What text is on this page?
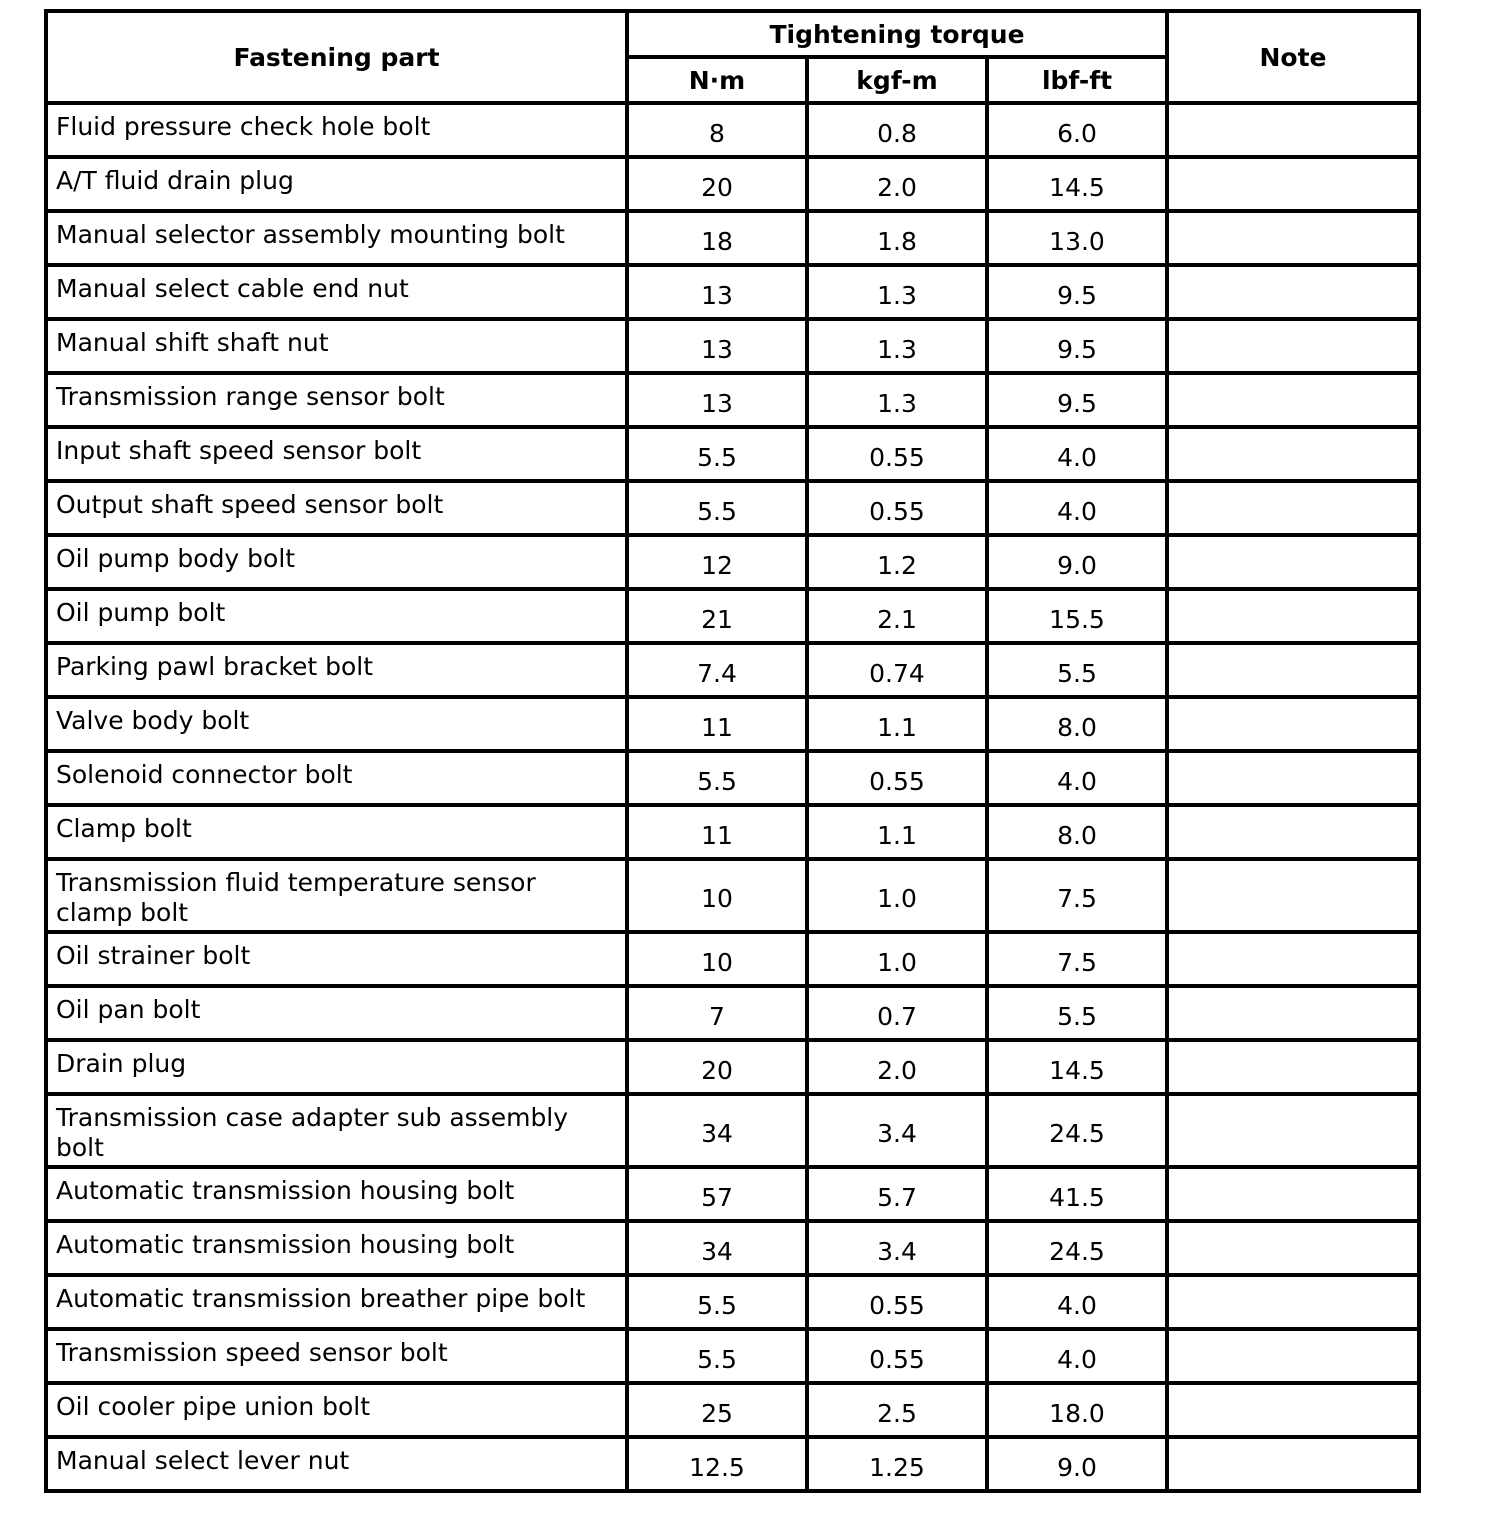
Fastening part	Tightening torque			Note
	N·m	kgf-m	lbf-ft	
Fluid pressure check hole bolt	8	0.8	6.0	
A/T fluid drain plug	20	2.0	14.5	
Manual selector assembly mounting bolt	18	1.8	13.0	
Manual select cable end nut	13	1.3	9.5	
Manual shift shaft nut	13	1.3	9.5	
Transmission range sensor bolt	13	1.3	9.5	
Input shaft speed sensor bolt	5.5	0.55	4.0	
Output shaft speed sensor bolt	5.5	0.55	4.0	
Oil pump body bolt	12	1.2	9.0	
Oil pump bolt	21	2.1	15.5	
Parking pawl bracket bolt	7.4	0.74	5.5	
Valve body bolt	11	1.1	8.0	
Solenoid connector bolt	5.5	0.55	4.0	
Clamp bolt	11	1.1	8.0	
Transmission fluid temperature sensor clamp bolt	10	1.0	7.5	
Oil strainer bolt	10	1.0	7.5	
Oil pan bolt	7	0.7	5.5	
Drain plug	20	2.0	14.5	
Transmission case adapter sub assembly bolt	34	3.4	24.5	
Automatic transmission housing bolt	57	5.7	41.5	
Automatic transmission housing bolt	34	3.4	24.5	
Automatic transmission breather pipe bolt	5.5	0.55	4.0	
Transmission speed sensor bolt	5.5	0.55	4.0	
Oil cooler pipe union bolt	25	2.5	18.0	
Manual select lever nut	12.5	1.25	9.0	
